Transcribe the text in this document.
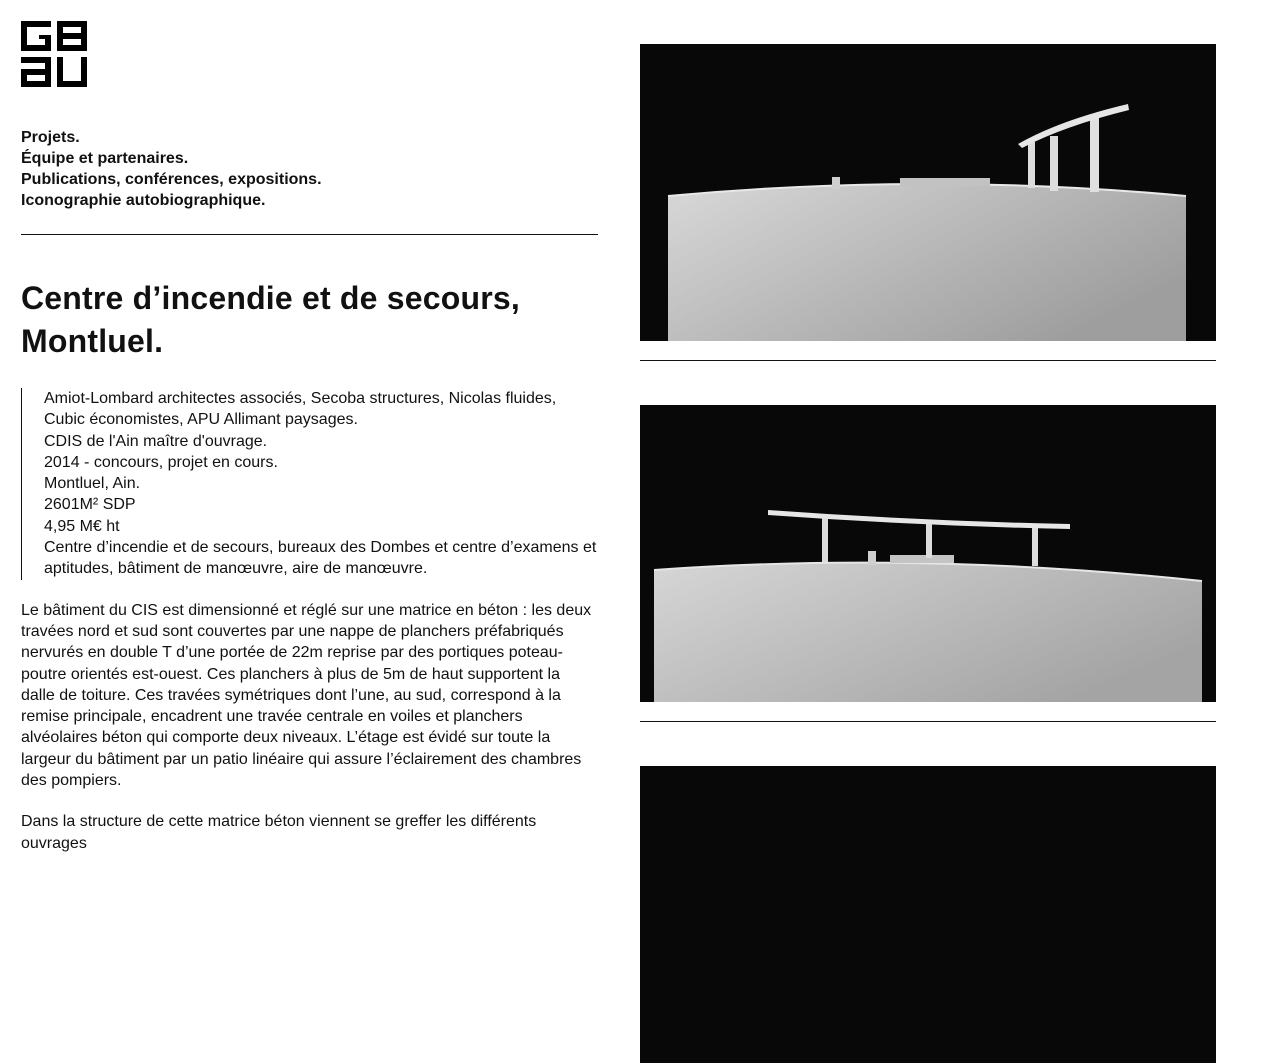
Projets.
Équipe et partenaires.
Publications, conférences, expositions.
Iconographie autobiographique.
Centre d’incendie et de secours, Montluel.
Amiot-Lombard architectes associés, Secoba structures, Nicolas fluides, Cubic économistes, APU Allimant paysages.
CDIS de l'Ain maître d'ouvrage.
2014 - concours, projet en cours.
Montluel, Ain.
2601M² SDP
4,95 M€ ht
Centre d’incendie et de secours, bureaux des Dombes et centre d’examens et aptitudes, bâtiment de manœuvre, aire de manœuvre.

Le bâtiment du CIS est dimensionné et réglé sur une matrice en béton : les deux travées nord et sud sont couvertes par une nappe de planchers préfabriqués nervurés en double T d’une portée de 22m reprise par des portiques poteau-poutre orientés est-ouest. Ces planchers à plus de 5m de haut supportent la dalle de toiture. Ces travées symétriques dont l’une, au sud, correspond à la remise principale, encadrent une travée centrale en voiles et planchers alvéolaires béton qui comporte deux niveaux. L’étage est évidé sur toute la largeur du bâtiment par un patio linéaire qui assure l’éclairement des chambres des pompiers.

Dans la structure de cette matrice béton viennent se greffer les différents ouvrages
